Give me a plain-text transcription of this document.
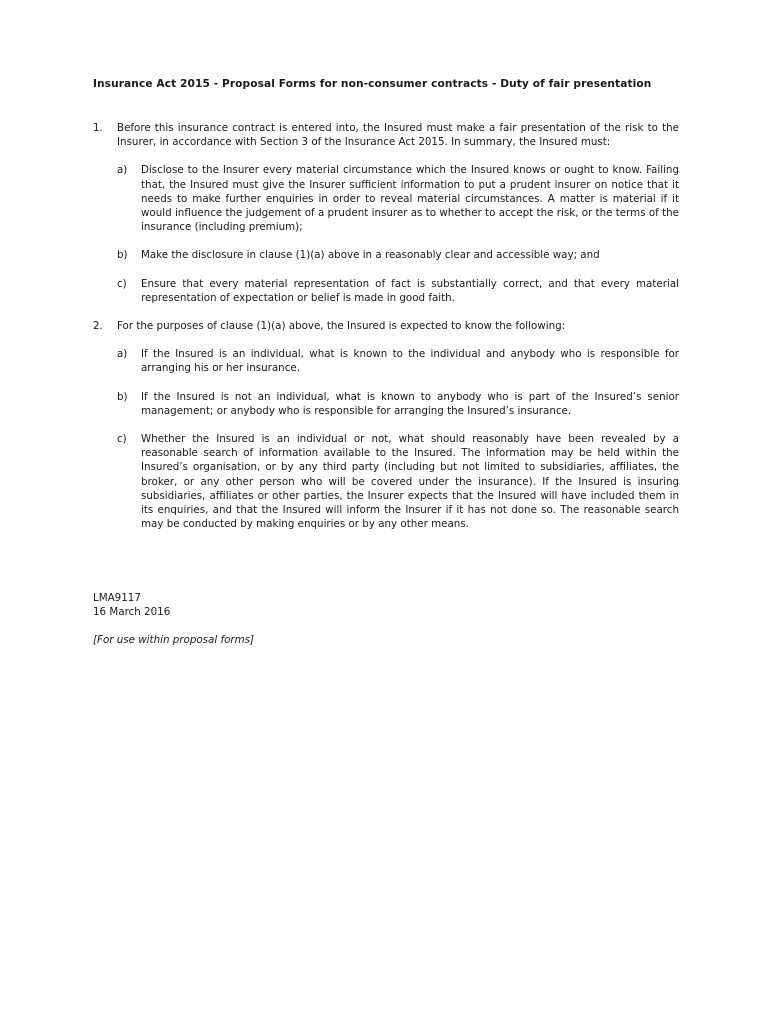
Insurance Act 2015 - Proposal Forms for non-consumer contracts - Duty of fair presentation
1.	Before this insurance contract is entered into, the Insured must make a fair presentation of the risk to the Insurer, in accordance with Section 3 of the Insurance Act 2015. In summary, the Insured must:
a)	Disclose to the Insurer every material circumstance which the Insured knows or ought to know. Failing that, the Insured must give the Insurer sufficient information to put a prudent insurer on notice that it needs to make further enquiries in order to reveal material circumstances. A matter is material if it would influence the judgement of a prudent insurer as to whether to accept the risk, or the terms of the insurance (including premium);
b)	Make the disclosure in clause (1)(a) above in a reasonably clear and accessible way; and
c)	Ensure that every material representation of fact is substantially correct, and that every material representation of expectation or belief is made in good faith.
2.	For the purposes of clause (1)(a) above, the Insured is expected to know the following:
a)	If the Insured is an individual, what is known to the individual and anybody who is responsible for arranging his or her insurance.
b)	If the Insured is not an individual, what is known to anybody who is part of the Insured’s senior management; or anybody who is responsible for arranging the Insured’s insurance.
c)	Whether the Insured is an individual or not, what should reasonably have been revealed by a reasonable search of information available to the Insured. The information may be held within the Insured’s organisation, or by any third party (including but not limited to subsidiaries, affiliates, the broker, or any other person who will be covered under the insurance). If the Insured is insuring subsidiaries, affiliates or other parties, the Insurer expects that the Insured will have included them in its enquiries, and that the Insured will inform the Insurer if it has not done so. The reasonable search may be conducted by making enquiries or by any other means.
LMA9117
16 March 2016
[For use within proposal forms]
